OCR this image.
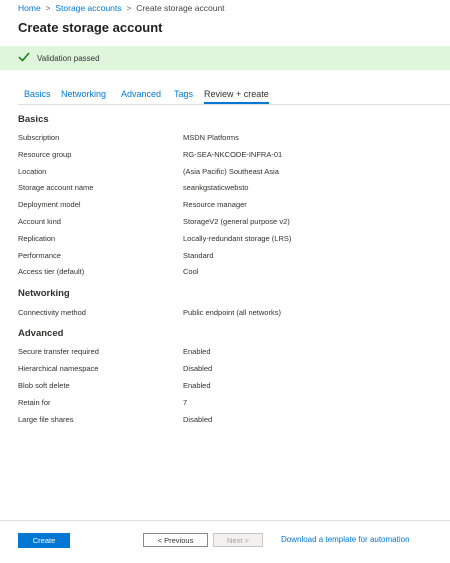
Home > Storage accounts > Create storage account
Create storage account
Validation passed
Basics Networking Advanced Tags Review + create
Basics
Subscription	MSDN Platforms
Resource group	RG-SEA-NKCODE-INFRA-01
Location	(Asia Pacific) Southeast Asia
Storage account name	seankgstaticwebsto
Deployment model	Resource manager
Account kind	StorageV2 (general purpose v2)
Replication	Locally-redundant storage (LRS)
Performance	Standard
Access tier (default)	Cool
Networking
Connectivity method	Public endpoint (all networks)
Advanced
Secure transfer required	Enabled
Hierarchical namespace	Disabled
Blob soft delete	Enabled
Retain for	7
Large file shares	Disabled
Create	< Previous	Next >	Download a template for automation
